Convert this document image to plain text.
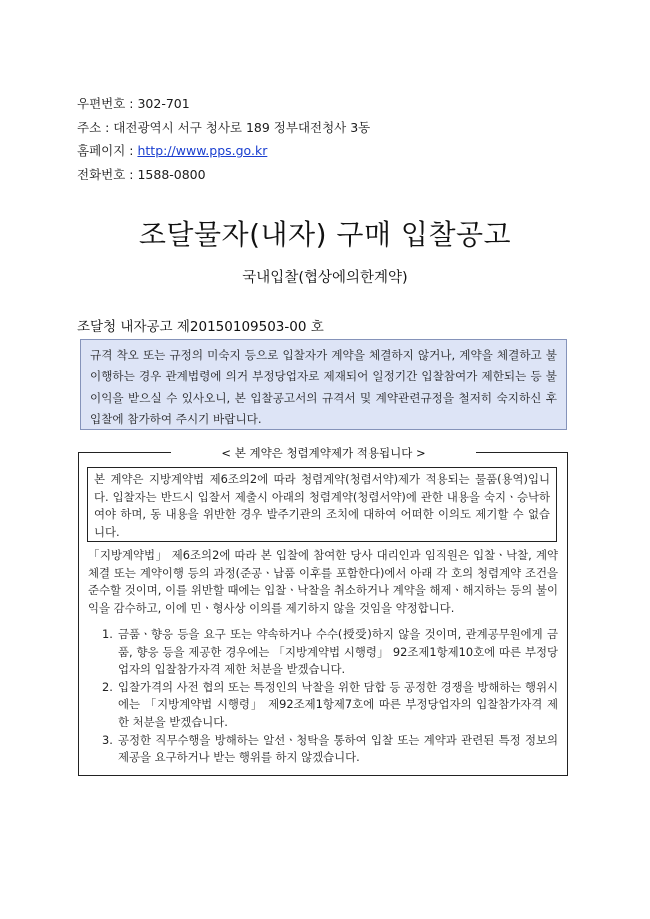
우편번호 : 302-701
주소 : 대전광역시 서구 청사로 189 정부대전청사 3동
홈페이지 : http://www.pps.go.kr
전화번호 : 1588-0800
조달물자(내자) 구매 입찰공고
국내입찰(협상에의한계약)
조달청 내자공고 제20150109503-00 호
규격 착오 또는 규정의 미숙지 등으로 입찰자가 계약을 체결하지 않거나, 계약을 체결하고 불이행하는 경우 관계법령에 의거 부정당업자로 제재되어 일정기간 입찰참여가 제한되는 등 불이익을 받으실 수 있사오니, 본 입찰공고서의 규격서 및 계약관련규정을 철저히 숙지하신 후 입찰에 참가하여 주시기 바랍니다.
< 본 계약은 청렴계약제가 적용됩니다 >
본 계약은 지방계약법 제6조의2에 따라 청렴계약(청렴서약)제가 적용되는 물품(용역)입니다. 입찰자는 반드시 입찰서 제출시 아래의 청렴계약(청렴서약)에 관한 내용을 숙지ㆍ승낙하여야 하며, 동 내용을 위반한 경우 발주기관의 조치에 대하여 어떠한 이의도 제기할 수 없습니다.

「지방계약법」 제6조의2에 따라 본 입찰에 참여한 당사 대리인과 임직원은 입찰ㆍ낙찰, 계약체결 또는 계약이행 등의 과정(준공ㆍ납품 이후를 포함한다)에서 아래 각 호의 청렴계약 조건을 준수할 것이며, 이를 위반할 때에는 입찰ㆍ낙찰을 취소하거나 계약을 해제ㆍ해지하는 등의 불이익을 감수하고, 이에 민ㆍ형사상 이의를 제기하지 않을 것임을 약정합니다.

1. 금품ㆍ향응 등을 요구 또는 약속하거나 수수(授受)하지 않을 것이며, 관계공무원에게 금품, 향응 등을 제공한 경우에는 「지방계약법 시행령」 92조제1항제10호에 따른 부정당업자의 입찰참가자격 제한 처분을 받겠습니다.
2. 입찰가격의 사전 협의 또는 특정인의 낙찰을 위한 담합 등 공정한 경쟁을 방해하는 행위시에는 「지방계약법 시행령」 제92조제1항제7호에 따른 부정당업자의 입찰참가자격 제한 처분을 받겠습니다.
3. 공정한 직무수행을 방해하는 알선ㆍ청탁을 통하여 입찰 또는 계약과 관련된 특정 정보의 제공을 요구하거나 받는 행위를 하지 않겠습니다.
